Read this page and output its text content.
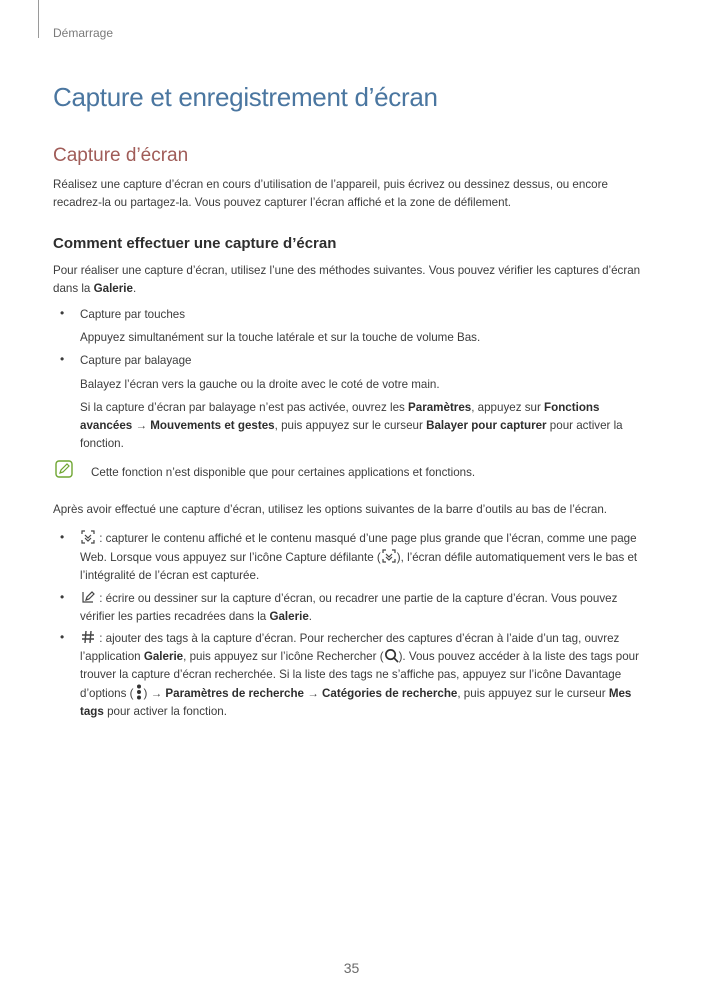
Démarrage
Capture et enregistrement d’écran
Capture d’écran

Réalisez une capture d’écran en cours d’utilisation de l’appareil, puis écrivez ou dessinez dessus, ou encore recadrez-la ou partagez-la. Vous pouvez capturer l’écran affiché et la zone de défilement.

Comment effectuer une capture d’écran

Pour réaliser une capture d’écran, utilisez l’une des méthodes suivantes. Vous pouvez vérifier les captures d’écran dans la Galerie.

• Capture par touches

Appuyez simultanément sur la touche latérale et sur la touche de volume Bas.

• Capture par balayage

Balayez l’écran vers la gauche ou la droite avec le coté de votre main.

Si la capture d’écran par balayage n’est pas activée, ouvrez les Paramètres, appuyez sur Fonctions avancées → Mouvements et gestes, puis appuyez sur le curseur Balayer pour capturer pour activer la fonction.

Cette fonction n’est disponible que pour certaines applications et fonctions.

Après avoir effectué une capture d’écran, utilisez les options suivantes de la barre d’outils au bas de l’écran.

•	: capturer le contenu affiché et le contenu masqué d’une page plus grande que l’écran, comme une page Web. Lorsque vous appuyez sur l’icône Capture défilante ( ), l’écran défile automatiquement vers le bas et l’intégralité de l’écran est capturée.

•	: écrire ou dessiner sur la capture d’écran, ou recadrer une partie de la capture d’écran. Vous pouvez vérifier les parties recadrées dans la Galerie.

•	: ajouter des tags à la capture d’écran. Pour rechercher des captures d’écran à l’aide d’un tag, ouvrez l’application Galerie, puis appuyez sur l’icône Rechercher ( ). Vous pouvez accéder à la liste des tags pour trouver la capture d’écran recherchée. Si la liste des tags ne s’affiche pas, appuyez sur l’icône Davantage d’options ( ) → Paramètres de recherche → Catégories de recherche, puis appuyez sur le curseur Mes tags pour activer la fonction.

35
